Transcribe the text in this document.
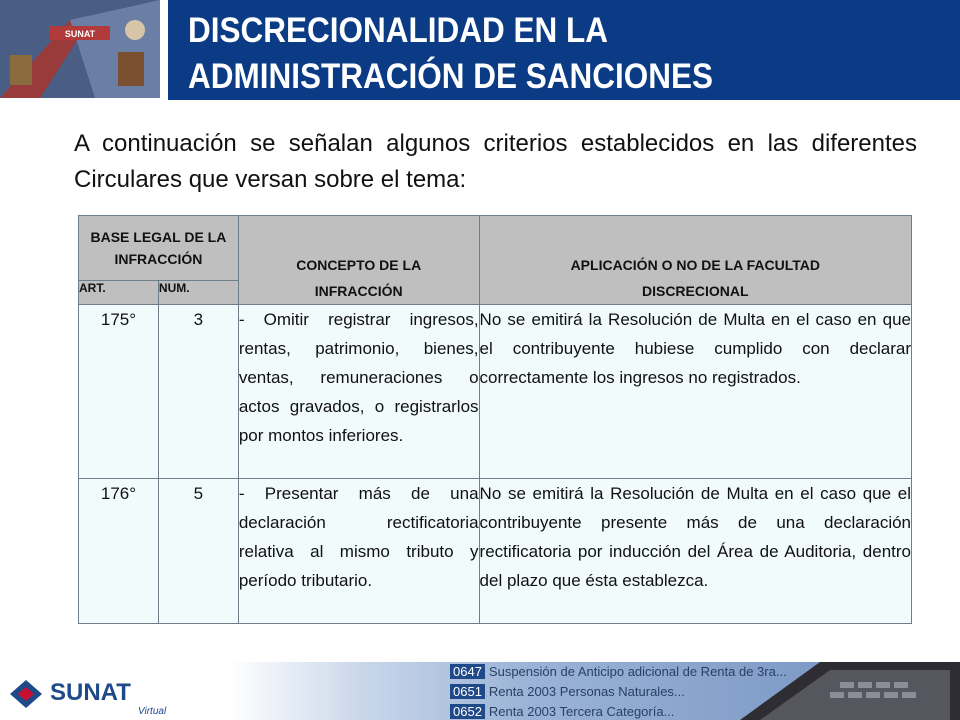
SUNAT	DISCRECIONALIDAD EN LA
ADMINISTRACIÓN DE SANCIONES
A continuación se señalan algunos criterios establecidos en las diferentes Circulares que versan sobre el tema:
BASE LEGAL DE LA INFRACCIÓN		CONCEPTO DE LA INFRACCIÓN	APLICACIÓN O NO DE LA FACULTAD DISCRECIONAL
ART.	NUM.		
175°	3	- Omitir registrar ingresos, rentas, patrimonio, bienes, ventas, remuneraciones o actos gravados, o registrarlos por montos inferiores.	No se emitirá la Resolución de Multa en el caso en que el contribuyente hubiese cumplido con declarar correctamente los ingresos no registrados.
176°	5	- Presentar más de una declaración rectificatoria relativa al mismo tributo y período tributario.	No se emitirá la Resolución de Multa en el caso que el contribuyente presente más de una declaración rectificatoria por inducción del Área de Auditoria, dentro del plazo que ésta establezca.
SUNAT
Virtual
0647 Suspensión de Anticipo adicional de Renta de 3ra...
0651 Renta 2003 Personas Naturales...
0652 Renta 2003 Tercera Categoría...
